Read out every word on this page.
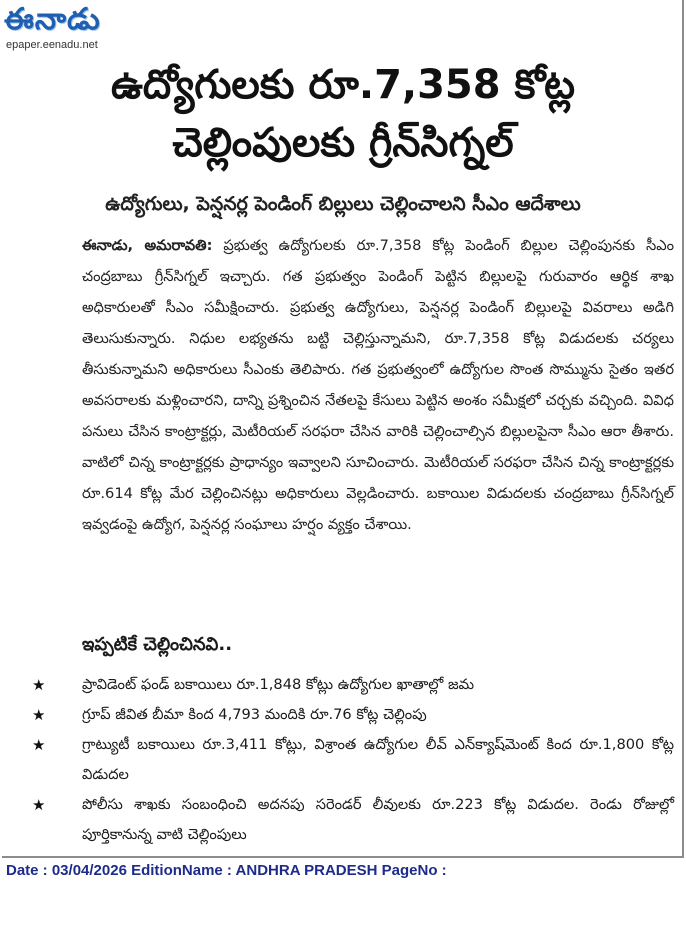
ఈనాడు
epaper.eenadu.net
ఉద్యోగులకు రూ.7,358 కోట్ల
చెల్లింపులకు గ్రీన్‌సిగ్నల్
ఉద్యోగులు, పెన్షనర్ల పెండింగ్ బిల్లులు చెల్లించాలని సీఎం ఆదేశాలు
ఈనాడు, అమరావతి: ప్రభుత్వ ఉద్యోగులకు రూ.7,358 కోట్ల పెండింగ్ బిల్లుల చెల్లింపునకు సీఎం చంద్రబాబు గ్రీన్‌సిగ్నల్ ఇచ్చారు. గత ప్రభుత్వం పెండింగ్ పెట్టిన బిల్లులపై గురువారం ఆర్థిక శాఖ అధికారులతో సీఎం సమీక్షించారు. ప్రభుత్వ ఉద్యోగులు, పెన్షనర్ల పెండింగ్ బిల్లులపై వివరాలు అడిగి తెలుసుకున్నారు. నిధుల లభ్యతను బట్టి చెల్లిస్తున్నామని, రూ.7,358 కోట్ల విడుదలకు చర్యలు తీసుకున్నామని అధికారులు సీఎంకు తెలిపారు. గత ప్రభుత్వంలో ఉద్యోగుల సొంత సొమ్మును సైతం ఇతర అవసరాలకు మళ్లించారని, దాన్ని ప్రశ్నించిన నేతలపై కేసులు పెట్టిన అంశం సమీక్షలో చర్చకు వచ్చింది. వివిధ పనులు చేసిన కాంట్రాక్టర్లు, మెటీరియల్ సరఫరా చేసిన వారికి చెల్లించాల్సిన బిల్లులపైనా సీఎం ఆరా తీశారు. వాటిలో చిన్న కాంట్రాక్టర్లకు ప్రాధాన్యం ఇవ్వాలని సూచించారు. మెటీరియల్ సరఫరా చేసిన చిన్న కాంట్రాక్టర్లకు రూ.614 కోట్ల మేర చెల్లించినట్లు అధికారులు వెల్లడించారు. బకాయిల విడుదలకు చంద్రబాబు గ్రీన్‌సిగ్నల్ ఇవ్వడంపై ఉద్యోగ, పెన్షనర్ల సంఘాలు హర్షం వ్యక్తం చేశాయి.
ఇప్పటికే చెల్లించినవి..
★	ప్రావిడెంట్ ఫండ్ బకాయిలు రూ.1,848 కోట్లు ఉద్యోగుల ఖాతాల్లో జమ
★	గ్రూప్ జీవిత బీమా కింద 4,793 మందికి రూ.76 కోట్ల చెల్లింపు
★	గ్రాట్యుటీ బకాయిలు రూ.3,411 కోట్లు, విశ్రాంత ఉద్యోగుల లీవ్ ఎన్‌క్యాష్‌మెంట్ కింద రూ.1,800 కోట్ల విడుదల
★	పోలీసు శాఖకు సంబంధించి అదనపు సరెండర్ లీవులకు రూ.223 కోట్ల విడుదల. రెండు రోజుల్లో పూర్తికానున్న వాటి చెల్లింపులు
Date : 03/04/2026 EditionName : ANDHRA PRADESH PageNo :
